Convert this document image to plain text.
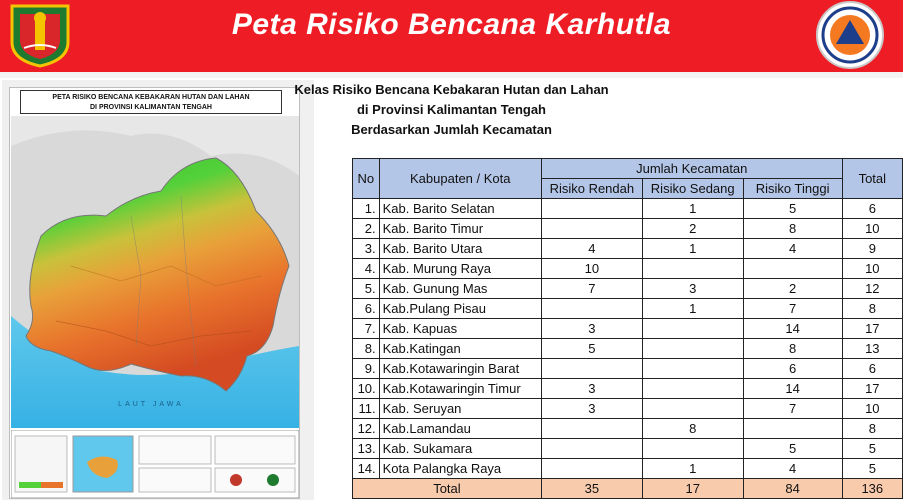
Peta Risiko Bencana Karhutla
PETA RISIKO BENCANA KEBAKARAN HUTAN DAN LAHAN
DI PROVINSI KALIMANTAN TENGAH
LAUT JAWA
Kelas Risiko Bencana Kebakaran Hutan dan Lahan
di Provinsi Kalimantan Tengah
Berdasarkan Jumlah Kecamatan
No	Kabupaten / Kota	Jumlah Kecamatan			Total
		Risiko Rendah	Risiko Sedang	Risiko Tinggi	
1.	Kab. Barito Selatan		1	5	6
2.	Kab. Barito Timur		2	8	10
3.	Kab. Barito Utara	4	1	4	9
4.	Kab. Murung Raya	10			10
5.	Kab. Gunung Mas	7	3	2	12
6.	Kab.Pulang Pisau		1	7	8
7.	Kab. Kapuas	3		14	17
8.	Kab.Katingan	5		8	13
9.	Kab.Kotawaringin Barat			6	6
10.	Kab.Kotawaringin Timur	3		14	17
11.	Kab. Seruyan	3		7	10
12.	Kab.Lamandau		8		8
13.	Kab. Sukamara			5	5
14.	Kota Palangka Raya		1	4	5
Total		35	17	84	136
